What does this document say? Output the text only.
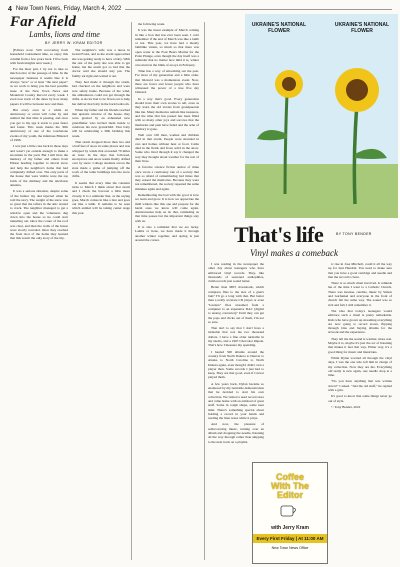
4 New Town News, Friday, March 4, 2022
Far Afield
Lambs, lions and time
BY JERRY W. KRAM EDITOR

(Editors note: Still recovering from household tournament time, so enjoy this column from a few years back. I'll be back with fresh insights next week.)

For the most part, I try not to take so much notice of the passage of time. In the newspaper business it seems like it is always "now" or at least "the next paper" as we work to bring you the best possible issue of the New Town News and Mountrail County Record every week. I even lose track of the dates by how many papers it will be between now and then.

But every once in a while an anniversary or event will come by and remind me that time is passing, and once you get to my age it starts to pass faster and faster. This week marks the 30th anniversary of one of the touchstone events of my youth, the infamous Blizzard of 1966.

I was just a little cuss back in those days and wasn't yet outside enough to make a snowman in the yard. But I still have the memory of my father and others from Elkton heading together to shovel snow and help the neighbor's home that had completely drifted over. The only parts of the house that were visible were the top brick of the chimney and the television antenna.

It was a serious situation, despite some of the humor my dad injected when he told the story. The weight of the snow was so great that the rafters in the attic started to crack. The neighbor managed to get a window open and the volunteers dug down into the house so he could start tunneling out. Once the corner of the roof was clear, and then the walls of the house were slowly revealed. Once they reached the front door of the home they learned that this wasn't the only story of the trip.

The neighbor's wife was a nurse in Grand Forks, and as the storm approached she was getting ready to have a baby. With the rest of the party she was able to get home, but the storm got so bad that the doctor said she should stay put. The family sat tight and waited it out.

They had made it through the storm, had checked on the neighbors and were now safely home. Because of the wind, the ambulances could not get through the drifts. A doctor had to be flown out to help her deliver that baby in the back bedroom.

When my father and his friends reached that upstairs window of the house, they were greeted by an exhausted new grandfather who invited them inside to celebrate his new grandchild. That baby will be celebrating a 30th birthday this week.

That storm dropped more than two and a half feet of snow in some places and was whipped by winds that exceeded 70 miles an hour. In the days that followed, snowplows and snow teams finally drifted over by snow. College students across the state made a game of jumping off the roofs of the taller buildings into the snow drifts.

It seems that every time the calendar turns to March I think about that storm and I check the forecast a little more closely. It is a reminder that, as the saying goes, March comes in like a lion and goes out like a lamb. It remains to be seen which animal will be taking center stage this year.

the following week.

It was the truest example of March coming in like a lion that has ever been seen. I can't remember if the end of March was like a lamb or not. This year, we have had a mostly lamblike winter, so much so that there was open water at the Four Bears Marina for the Polar Plunge, even though the day itself was a reminder that no matter how mild it is, winter can return in the blink of an eye in February.

Time has a way of smoothing out the past. For most of my generation and a little older, that blizzard was a momentous event. Now, there are fewer and fewer people who have witnessed the power of a true five day blizzard.

In a way that's good. Every generation should have their own stories to tell, even as they learn the old stories from grandparents like me. Many memories remain like treasures, and the time that has passed has been filled with so many other joys and sorrows that the memories and pain have faded and the ache of memory is gone.

Well over 100 men, women and children died in that storm. People were stranded in cars and homes without heat or food. Cattle died in the fields and froze solid in the snow. Some who lived through it say it changed the way they thought about weather for the rest of their lives.

A favorite science fiction author of mine once wrote a cautionary tale of a society that was so afraid of remembering bad times that they erased the memories. Because they were not remembered, the society repeated the same mistakes again and again.

Remembering the bad with the good is how we learn and grow. It is how we appreciate the mild winters like this one and prepare for the harsh ones we know will come again. Anniversaries help us do that, reminding us that time passes but the important things stay with us.

It is also a reminder that we are lucky. Lambs or lions, we have made it through another winter together, and spring is just around the corner.

I was reading in the newspaper the other day about teenagers who have embraced vinyl records. They, like thousands of seasoned audiophiles, claim records just sound better.

Better than MP3 downloads, which compress files to the size of a gnat's butt? I'll go a long with that. But better than a really accurate CD player or even "lossless" files streamed from a computer to an expensive DAC (digital to analog converter)? Until they can get the pops and clicks out of them, I'm not so sure.

That isn't to say that I don't have a turntable that cost me two thousand dollars. I have a fine older turntable in my studio, and a 1967 Chevrolet Impala. That's how I measure my spending.

I hauled 300 albums around the country from North Dakota to Denver to Alaska to North Carolina to North Dakota again, even though I didn't own a player then. Some records I just had to keep. They are that good, even if I never played them.

A few years back, Dylan became so enamored by my turntable demonstration that he decided to start his own collection. We visited a used record store and came home with an armload of great stuff. Some in rough shape, some near mint. There's something special about holding a record in your hands and reading the liner notes while it plays.

And now, the pleasure of rediscovering music, turning over an album and dropping the needle, listening all the way through rather than skipping to the next track on a playlist.

ic rise in Jose Mitchell, could it all the way up for Jeni Hendrix. You need to make sure that you have a good cartridge and needle and that the record is clean.

There is so much ritual involved. It reminds me of the time I went to a Catholic Church. There was incense, candles, music by Simon and Garfunkel and everyone in the front of church felt the same way. The sound was so rich and full, I still remember it.

The idea that today's teenagers would embrace such a ritual is pretty remarkable. Kids who have grown up streaming everything are now going to record stores, flipping through bins and buying albums for the artwork and the experience.

They tell me the sound is warmer, more real. Maybe it is, maybe it's just the act of listening that makes it feel that way. Either way, it's a good thing for music and musicians.

While Dylan worried all through the vinyl days, I was the one who left him in charge of my collection. Now they are his. Everything old really is new again, one needle drop at a time.

"Do you have anything that was written down?" I asked. "Just the old stuff," he replied with a grin.

It's good to know that some things never go out of style.

© Tony Bender, 2022

UKRAINE'S NATIONAL FLOWER
UKRAINE'S NATIONAL FLOWER
That's life	BY TONY BENDER
Vinyl makes a comeback
Coffee
With The
Editor
with Jerry Kram
Every First Friday | At 11:00 AM
New Town News Office
